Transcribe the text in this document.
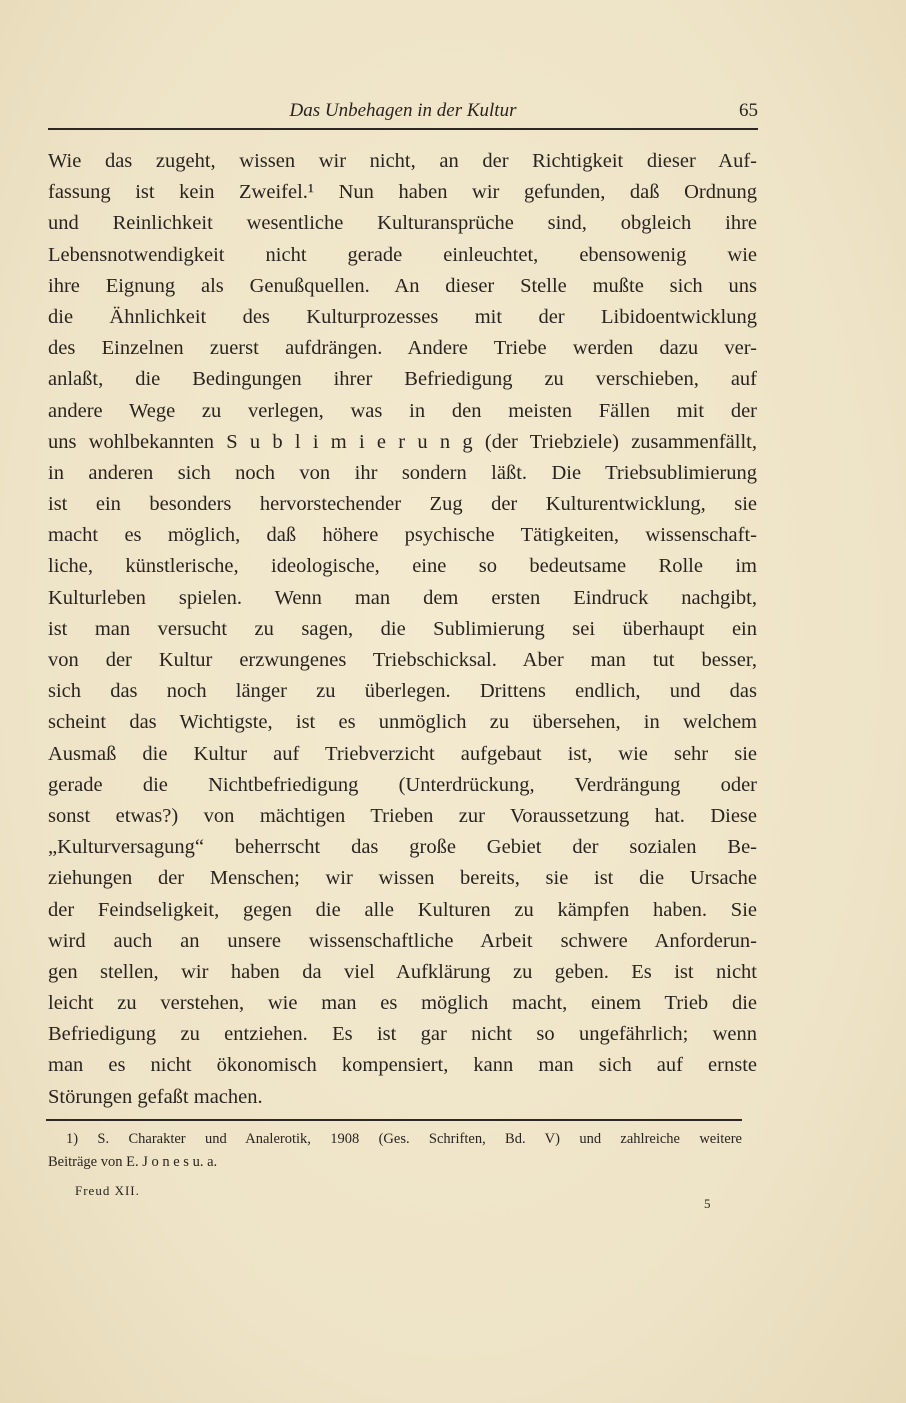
Das Unbehagen in der Kultur	65
Wie das zugeht, wissen wir nicht, an der Richtigkeit dieser Auf-
fassung ist kein Zweifel.¹ Nun haben wir gefunden, daß Ordnung
und Reinlichkeit wesentliche Kulturansprüche sind, obgleich ihre
Lebensnotwendigkeit nicht gerade einleuchtet, ebensowenig wie
ihre Eignung als Genußquellen. An dieser Stelle mußte sich uns
die Ähnlichkeit des Kulturprozesses mit der Libidoentwicklung
des Einzelnen zuerst aufdrängen. Andere Triebe werden dazu ver-
anlaßt, die Bedingungen ihrer Befriedigung zu verschieben, auf
andere Wege zu verlegen, was in den meisten Fällen mit der
uns wohlbekannten S u b l i m i e r u n g (der Triebziele) zusammenfällt,
in anderen sich noch von ihr sondern läßt. Die Triebsublimierung
ist ein besonders hervorstechender Zug der Kulturentwicklung, sie
macht es möglich, daß höhere psychische Tätigkeiten, wissenschaft-
liche, künstlerische, ideologische, eine so bedeutsame Rolle im
Kulturleben spielen. Wenn man dem ersten Eindruck nachgibt,
ist man versucht zu sagen, die Sublimierung sei überhaupt ein
von der Kultur erzwungenes Triebschicksal. Aber man tut besser,
sich das noch länger zu überlegen. Drittens endlich, und das
scheint das Wichtigste, ist es unmöglich zu übersehen, in welchem
Ausmaß die Kultur auf Triebverzicht aufgebaut ist, wie sehr sie
gerade die Nichtbefriedigung (Unterdrückung, Verdrängung oder
sonst etwas?) von mächtigen Trieben zur Voraussetzung hat. Diese
„Kulturversagung“ beherrscht das große Gebiet der sozialen Be-
ziehungen der Menschen; wir wissen bereits, sie ist die Ursache
der Feindseligkeit, gegen die alle Kulturen zu kämpfen haben. Sie
wird auch an unsere wissenschaftliche Arbeit schwere Anforderun-
gen stellen, wir haben da viel Aufklärung zu geben. Es ist nicht
leicht zu verstehen, wie man es möglich macht, einem Trieb die
Befriedigung zu entziehen. Es ist gar nicht so ungefährlich; wenn
man es nicht ökonomisch kompensiert, kann man sich auf ernste
Störungen gefaßt machen.
1) S. Charakter und Analerotik, 1908 (Ges. Schriften, Bd. V) und zahlreiche weitere
Beiträge von E. J o n e s u. a.
Freud XII.
5
